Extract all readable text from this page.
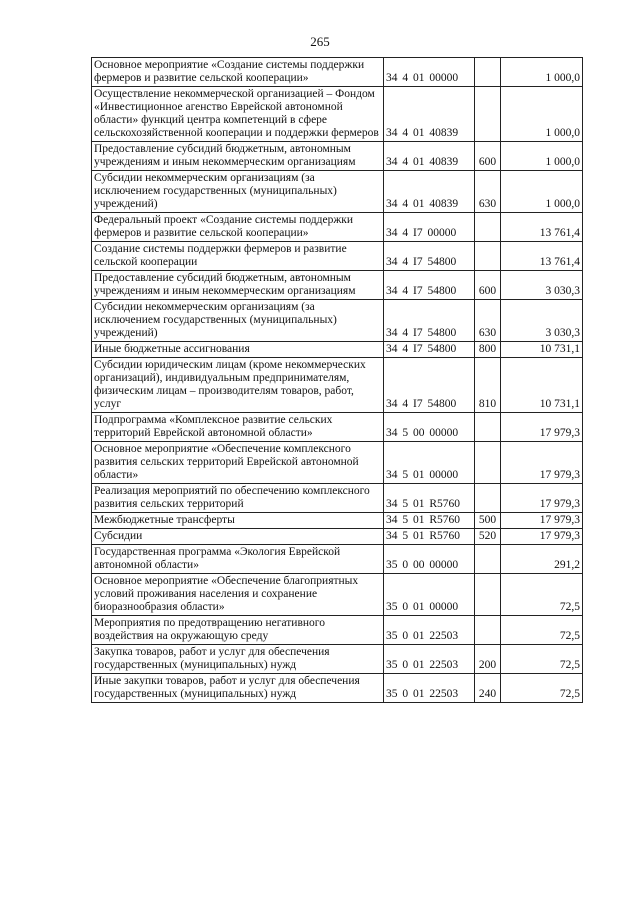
265
Основное мероприятие «Создание системы поддержки фермеров и развитие сельской кооперации»	34 4 01 00000		1 000,0

Осуществление некоммерческой организацией – Фондом «Инвестиционное агенство Еврейской автономной области» функций центра компетенций в сфере сельскохозяйственной кооперации и поддержки фермеров	34 4 01 40839		1 000,0

Предоставление субсидий бюджетным, автономным учреждениям и иным некоммерческим организациям	34 4 01 40839	600	1 000,0

Субсидии некоммерческим организациям (за исключением государственных (муниципальных) учреждений)	34 4 01 40839	630	1 000,0

Федеральный проект «Создание системы поддержки фермеров и развитие сельской кооперации»	34 4 I7 00000		13 761,4

Создание системы поддержки фермеров и развитие сельской кооперации	34 4 I7 54800		13 761,4

Предоставление субсидий бюджетным, автономным учреждениям и иным некоммерческим организациям	34 4 I7 54800	600	3 030,3

Субсидии некоммерческим организациям (за исключением государственных (муниципальных) учреждений)	34 4 I7 54800	630	3 030,3

Иные бюджетные ассигнования	34 4 I7 54800	800	10 731,1

Субсидии юридическим лицам (кроме некоммерческих организаций), индивидуальным предпринимателям, физическим лицам – производителям товаров, работ, услуг	34 4 I7 54800	810	10 731,1

Подпрограмма «Комплексное развитие сельских территорий Еврейской автономной области»	34 5 00 00000		17 979,3

Основное мероприятие «Обеспечение комплексного развития сельских территорий Еврейской автономной области»	34 5 01 00000		17 979,3

Реализация мероприятий по обеспечению комплексного развития сельских территорий	34 5 01 R5760		17 979,3

Межбюджетные трансферты	34 5 01 R5760	500	17 979,3

Субсидии	34 5 01 R5760	520	17 979,3

Государственная программа «Экология Еврейской автономной области»	35 0 00 00000		291,2

Основное мероприятие «Обеспечение благоприятных условий проживания населения и сохранение биоразнообразия области»	35 0 01 00000		72,5

Мероприятия по предотвращению негативного воздействия на окружающую среду	35 0 01 22503		72,5

Закупка товаров, работ и услуг для обеспечения государственных (муниципальных) нужд	35 0 01 22503	200	72,5

Иные закупки товаров, работ и услуг для обеспечения государственных (муниципальных) нужд	35 0 01 22503	240	72,5
